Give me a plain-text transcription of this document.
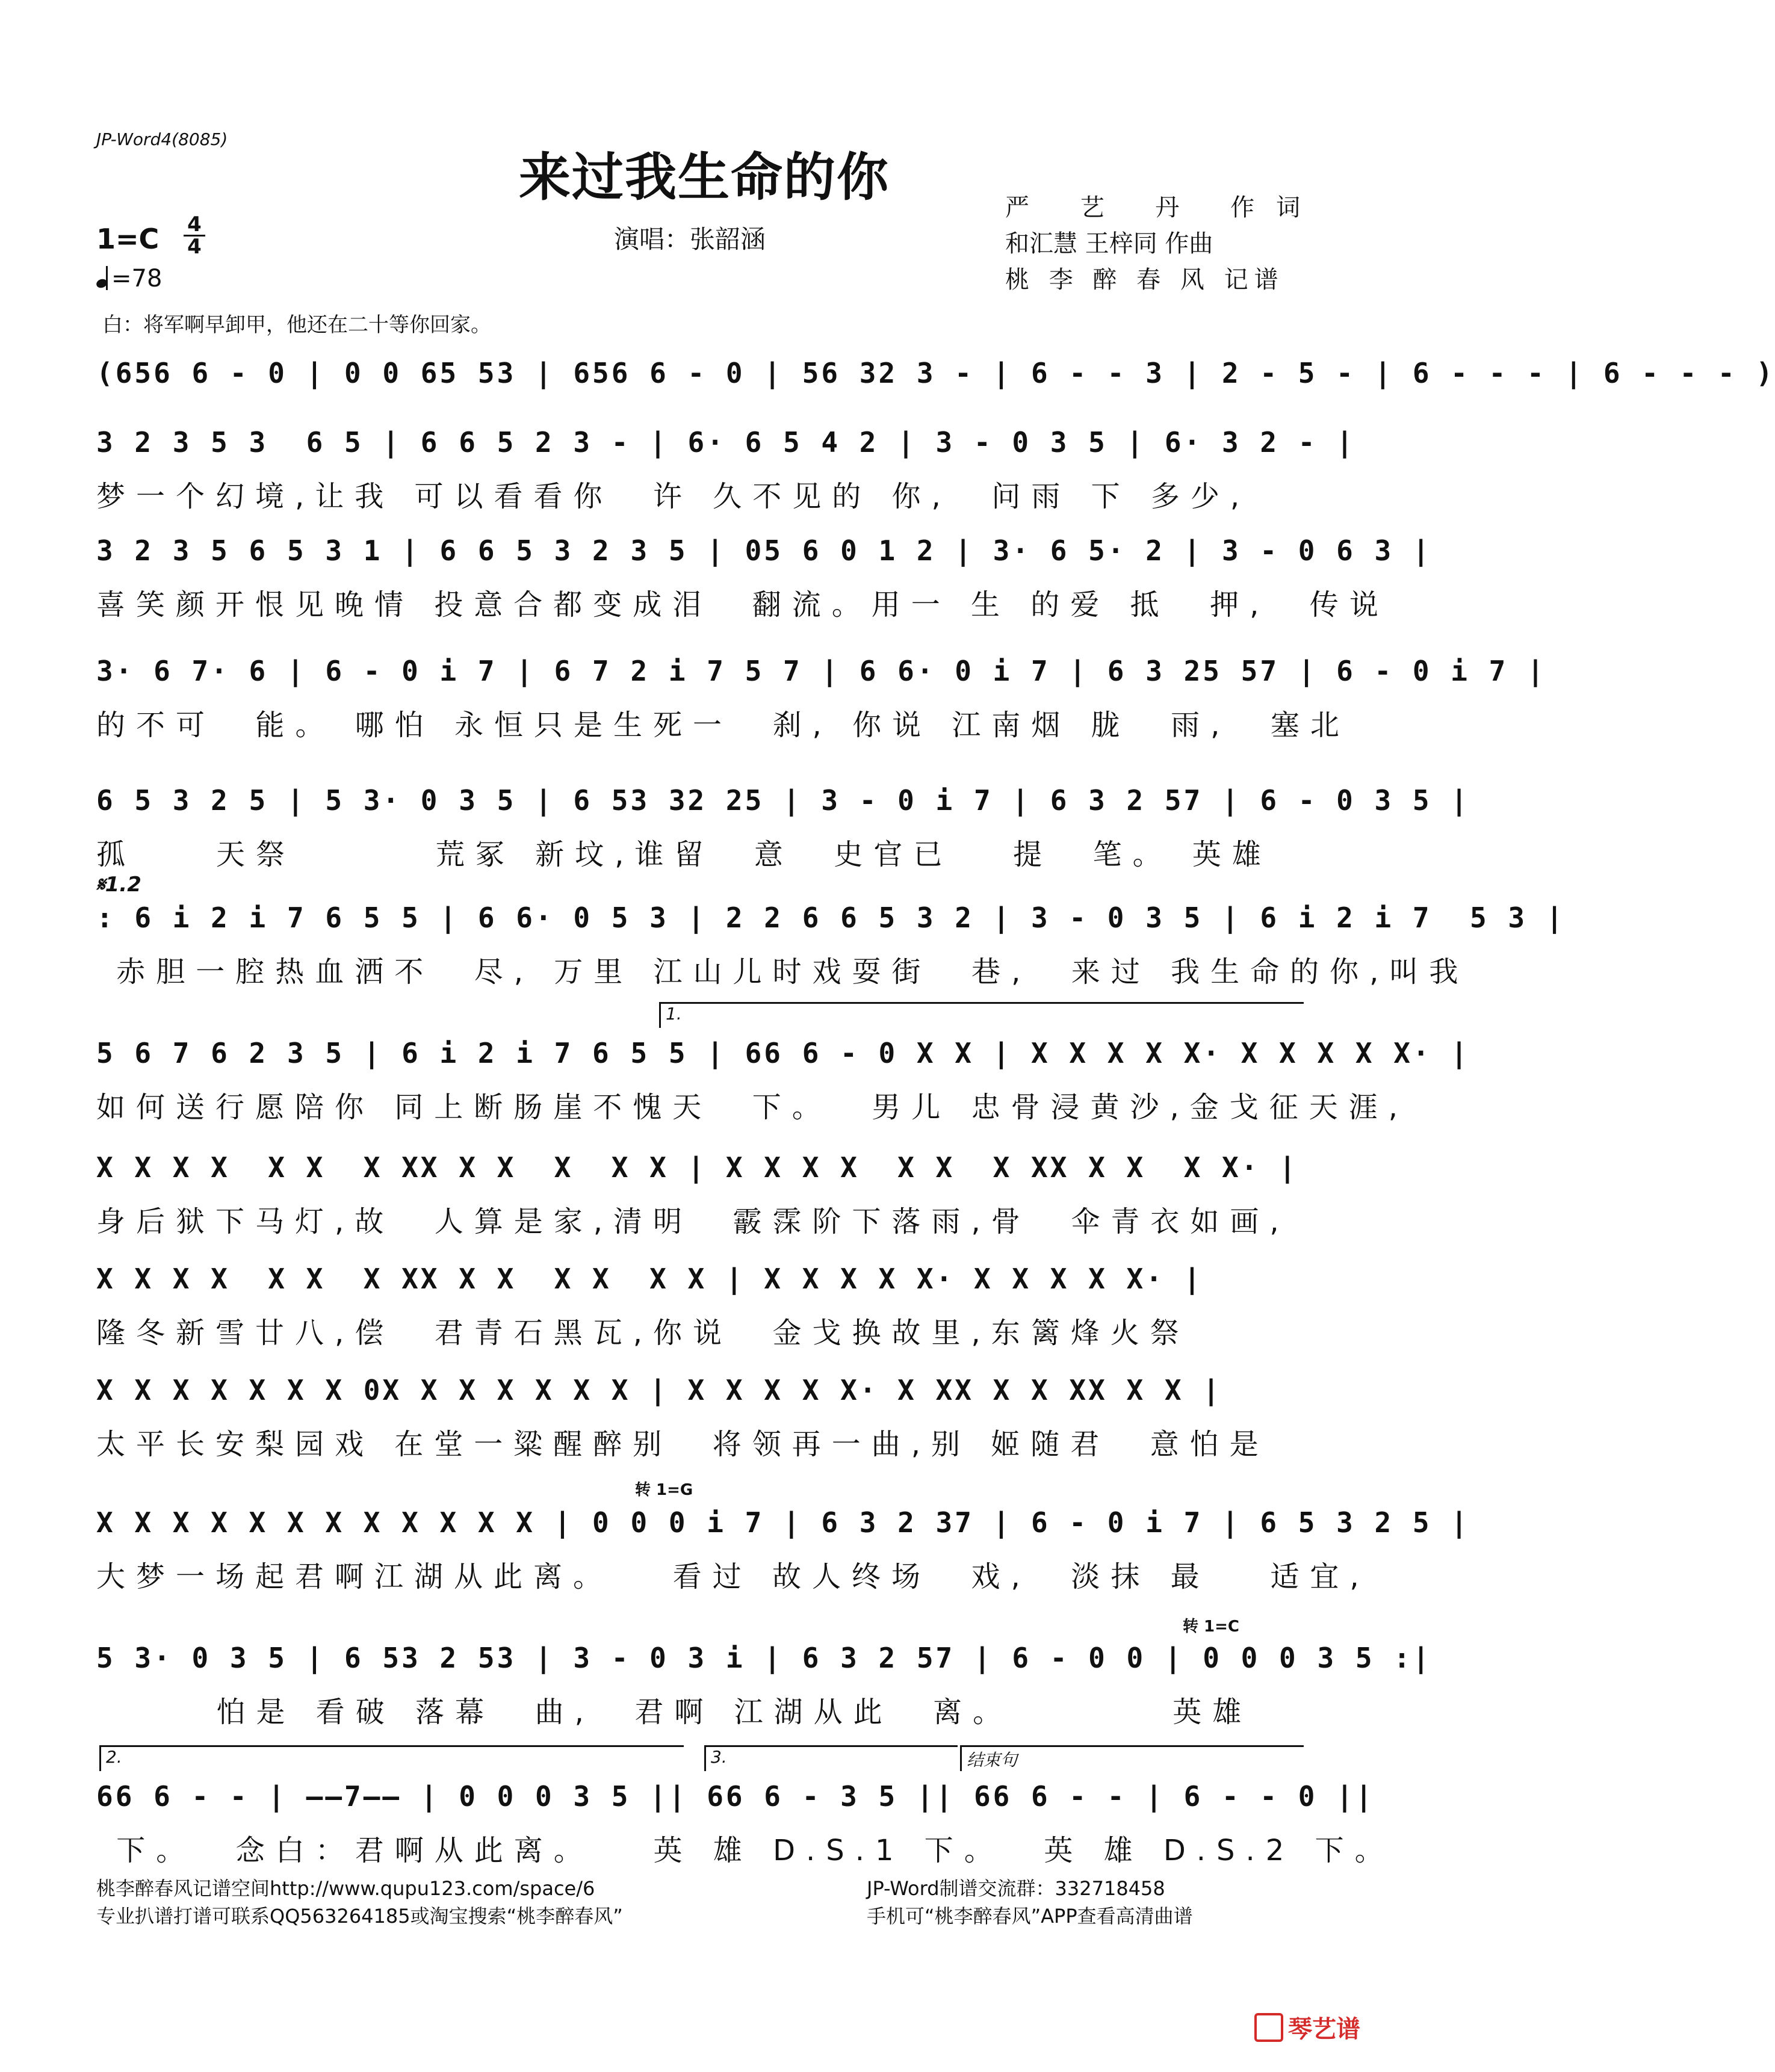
JP-Word4(8085)
来过我生命的你	严 艺 丹 作词
和汇慧 王梓同 作曲
桃 李 醉 春 风 记谱
演唱：张韶涵
1=C 4
4
=78
白：将军啊早卸甲，他还在二十等你回家。
(656 6 - 0 | 0 0 65 53 | 656 6 - 0 | 56 32 3 - | 6 - - 3 | 2 - 5 - | 6 - - - | 6 - - - )
3 2 3 5 3  6 5 | 6 6 5 2 3 - | 6· 6 5 4 2 | 3 - 0 3 5 | 6· 3 2 - |
梦一个幻境,让我 可以看看你  许 久不见的 你,  问雨 下 多少,
3 2 3 5 6 5 3 1 | 6 6 5 3 2 3 5 | 05 6 0 1 2 | 3· 6 5· 2 | 3 - 0 6 3 |
喜笑颜开恨见晚情 投意合都变成泪  翻流。用一 生 的爱 抵  押,  传说
3· 6 7· 6 | 6 - 0 i 7 | 6 7 2 i 7 5 7 | 6 6· 0 i 7 | 6 3 25 57 | 6 - 0 i 7 |
的不可  能。 哪怕 永恒只是生死一  刹, 你说 江南烟 胧  雨,  塞北
6 5 3 2 5 | 5 3· 0 3 5 | 6 53 32 25 | 3 - 0 i 7 | 6 3 2 57 | 6 - 0 3 5 |
孤    天祭       荒冢 新坟,谁留  意  史官已   提  笔。 英雄
𝄋1.2
: 6 i 2 i 7 6 5 5 | 6 6· 0 5 3 | 2 2 6 6 5 3 2 | 3 - 0 3 5 | 6 i 2 i 7  5 3 |
赤胆一腔热血洒不  尽, 万里 江山儿时戏耍街  巷,  来过 我生命的你,叫我
1.
5 6 7 6 2 3 5 | 6 i 2 i 7 6 5 5 | 66 6 - 0 X X | X X X X X· X X X X X· |
如何送行愿陪你 同上断肠崖不愧天  下。  男儿 忠骨浸黄沙,金戈征天涯,
X X X X  X X  X XX X X  X  X X | X X X X  X X  X XX X X  X X· |
身后狱下马灯,故  人算是家,清明  霰霂阶下落雨,骨  伞青衣如画,
X X X X  X X  X XX X X  X X  X X | X X X X X· X X X X X· |
隆冬新雪廿八,偿  君青石黑瓦,你说  金戈换故里,东篱烽火祭
X X X X X X X 0X X X X X X X | X X X X X· X XX X X XX X X |
太平长安梨园戏 在堂一粱醒醉别  将领再一曲,别 姬随君  意怕是
转 1=G
X X X X X X X X X X X X | 0 0 0 i 7 | 6 3 2 37 | 6 - 0 i 7 | 6 5 3 2 5 |
大梦一场起君啊江湖从此离。   看过 故人终场  戏,  淡抹 最   适宜,
转 1=C
5 3· 0 3 5 | 6 53 2 53 | 3 - 0 3 i | 6 3 2 57 | 6 - 0 0 | 0 0 0 3 5 :|
怕是 看破 落幕  曲,  君啊 江湖从此  离。        英雄
2.	3.	结束句
66 6 - - | ——7—— | 0 0 0 3 5 || 66 6 - 3 5 || 66 6 - - | 6 - - 0 ||
下。  念白：君啊从此离。   英 雄 D.S.1 下。  英 雄 D.S.2 下。
桃李醉春风记谱空间http://www.qupu123.com/space/6
专业扒谱打谱可联系QQ563264185或淘宝搜索“桃李醉春风”
JP-Word制谱交流群：332718458
手机可“桃李醉春风”APP查看高清曲谱
琴艺谱
